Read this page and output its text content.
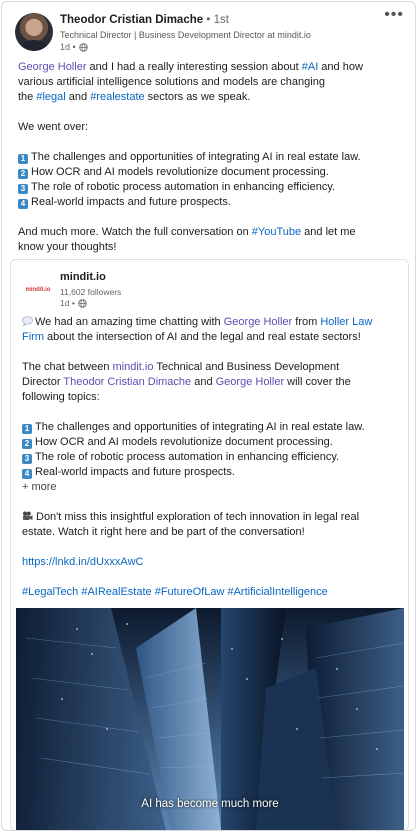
Theodor Cristian Dimache • 1st
Technical Director | Business Development Director at mindit.io
1d •
•••
George Holler and I had a really interesting session about #AI and how
various artificial intelligence solutions and models are changing
the #legal and #realestate sectors as we speak.
We went over:
1 The challenges and opportunities of integrating AI in real estate law.
2 How OCR and AI models revolutionize document processing.
3 The role of robotic process automation in enhancing efficiency.
4 Real-world impacts and future prospects.
And much more. Watch the full conversation on #YouTube and let me
know your thoughts!
mindit.io
mindit.io
11,602 followers
1d •
We had an amazing time chatting with George Holler from Holler Law
Firm about the intersection of AI and the legal and real estate sectors!
The chat between mindit.io Technical and Business Development
Director Theodor Cristian Dimache and George Holler will cover the
following topics:
1 The challenges and opportunities of integrating AI in real estate law.
2 How OCR and AI models revolutionize document processing.
3 The role of robotic process automation in enhancing efficiency.
4 Real-world impacts and future prospects.
+ more
Don't miss this insightful exploration of tech innovation in legal real
estate. Watch it right here and be part of the conversation!
https://lnkd.in/dUxxxAwC
#LegalTech #AIRealEstate #FutureOfLaw #ArtificialIntelligence
AI has become much more
